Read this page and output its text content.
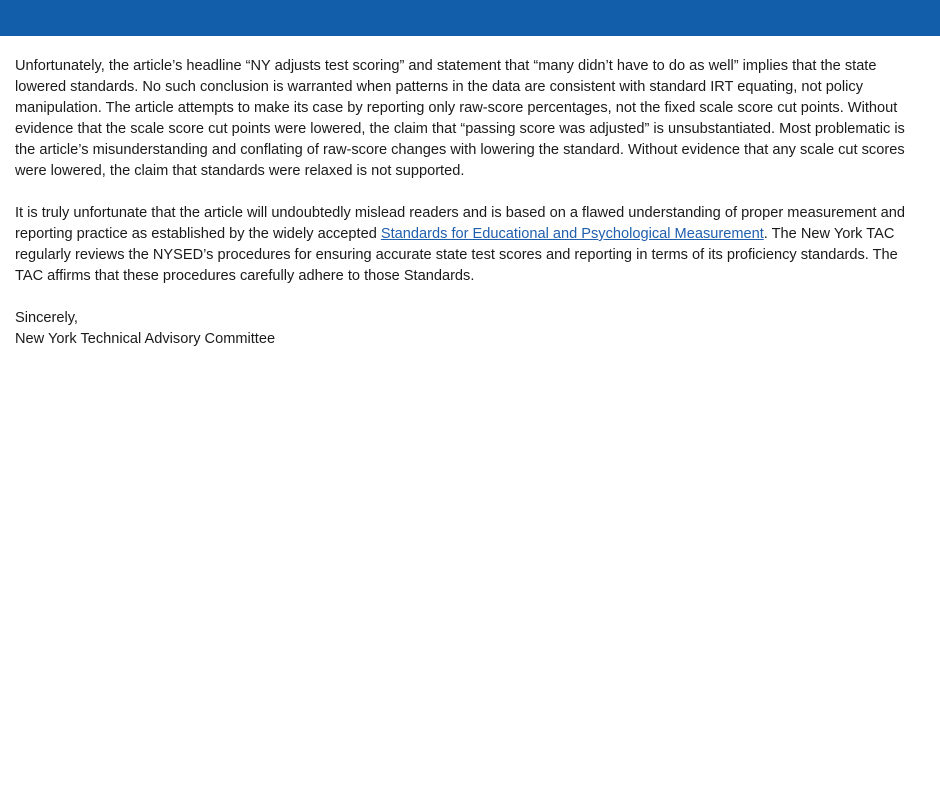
Unfortunately, the article’s headline “NY adjusts test scoring” and statement that “many didn’t have to do as well” implies that the state lowered standards. No such conclusion is warranted when patterns in the data are consistent with standard IRT equating, not policy manipulation. The article attempts to make its case by reporting only raw-score percentages, not the fixed scale score cut points. Without evidence that the scale score cut points were lowered, the claim that “passing score was adjusted” is unsubstantiated. Most problematic is the article’s misunderstanding and conflating of raw-score changes with lowering the standard. Without evidence that any scale cut scores were lowered, the claim that standards were relaxed is not supported.

It is truly unfortunate that the article will undoubtedly mislead readers and is based on a flawed understanding of proper measurement and reporting practice as established by the widely accepted Standards for Educational and Psychological Measurement. The New York TAC regularly reviews the NYSED’s procedures for ensuring accurate state test scores and reporting in terms of its proficiency standards. The TAC affirms that these procedures carefully adhere to those Standards.

Sincerely,
New York Technical Advisory Committee
